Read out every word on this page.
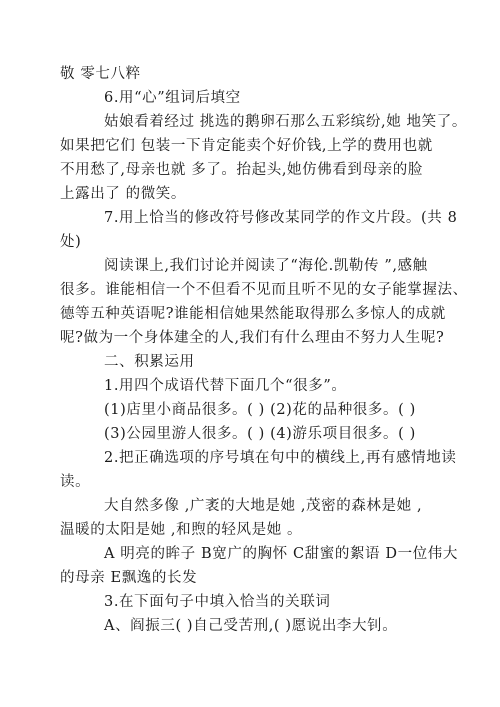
敬 零七八粹
6.用“心”组词后填空
姑娘看着经过 挑选的鹅卵石那么五彩缤纷,她 地笑了。
如果把它们 包装一下肯定能卖个好价钱,上学的费用也就
不用愁了,母亲也就 多了。抬起头,她仿佛看到母亲的脸
上露出了 的微笑。
7.用上恰当的修改符号修改某同学的作文片段。(共 8
处)
阅读课上,我们讨论并阅读了“海伦.凯勒传 ”,感触
很多。谁能相信一个不但看不见而且听不见的女子能掌握法、
德等五种英语呢?谁能相信她果然能取得那么多惊人的成就
呢?做为一个身体建全的人,我们有什么理由不努力人生呢?
二、积累运用
1.用四个成语代替下面几个“很多”。
(1)店里小商品很多。( ) (2)花的品种很多。( )
(3)公园里游人很多。( ) (4)游乐项目很多。( )
2.把正确选项的序号填在句中的横线上,再有感情地读
读。
大自然多像 ,广袤的大地是她 ,茂密的森林是她 ,
温暖的太阳是她 ,和煦的轻风是她 。
A 明亮的眸子 B宽广的胸怀 C甜蜜的絮语 D一位伟大
的母亲 E飘逸的长发
3.在下面句子中填入恰当的关联词
A、阎振三( )自己受苦刑,( )愿说出李大钊。
